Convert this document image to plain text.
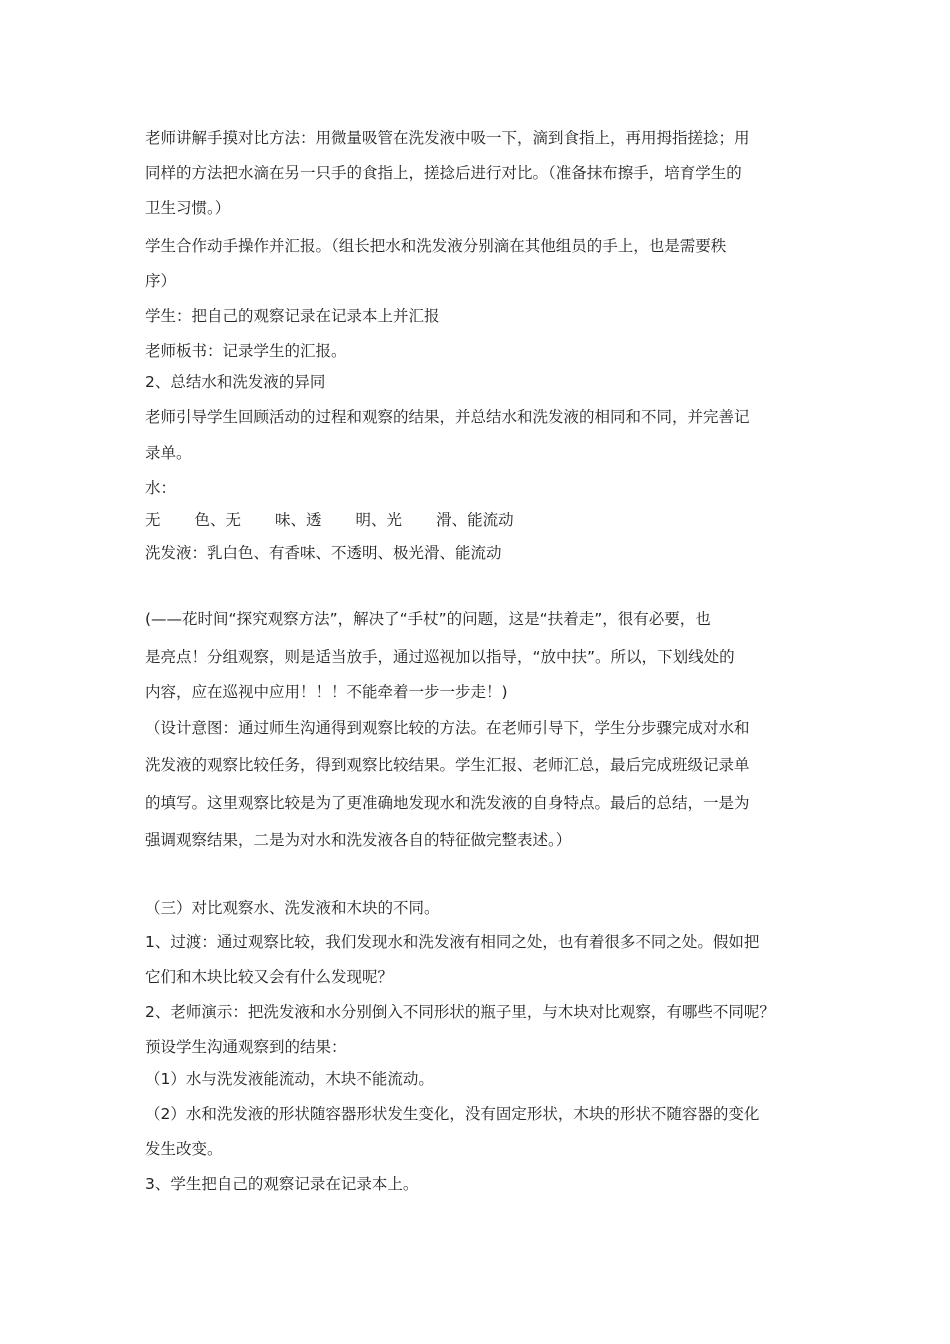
老师讲解手摸对比方法：用微量吸管在洗发液中吸一下，滴到食指上，再用拇指搓捻；用
同样的方法把水滴在另一只手的食指上，搓捻后进行对比。（准备抹布擦手，培育学生的
卫生习惯。）
学生合作动手操作并汇报。（组长把水和洗发液分别滴在其他组员的手上，也是需要秩
序）
学生：把自己的观察记录在记录本上并汇报
老师板书：记录学生的汇报。
2、总结水和洗发液的异同
老师引导学生回顾活动的过程和观察的结果，并总结水和洗发液的相同和不同，并完善记
录单。
水：
无 色、无 味、透 明、光 滑、能流动
洗发液：乳白色、有香味、不透明、极光滑、能流动
(——花时间“探究观察方法”，解决了“手杖”的问题，这是“扶着走”，很有必要，也
是亮点！分组观察，则是适当放手，通过巡视加以指导，“放中扶”。所以，下划线处的
内容，应在巡视中应用！！！不能牵着一步一步走！)
（设计意图：通过师生沟通得到观察比较的方法。在老师引导下，学生分步骤完成对水和
洗发液的观察比较任务，得到观察比较结果。学生汇报、老师汇总，最后完成班级记录单
的填写。这里观察比较是为了更准确地发现水和洗发液的自身特点。最后的总结，一是为
强调观察结果，二是为对水和洗发液各自的特征做完整表述。）
（三）对比观察水、洗发液和木块的不同。
1、过渡：通过观察比较，我们发现水和洗发液有相同之处，也有着很多不同之处。假如把
它们和木块比较又会有什么发现呢？
2、老师演示：把洗发液和水分别倒入不同形状的瓶子里，与木块对比观察，有哪些不同呢？
预设学生沟通观察到的结果：
（1）水与洗发液能流动，木块不能流动。
（2）水和洗发液的形状随容器形状发生变化，没有固定形状，木块的形状不随容器的变化
发生改变。
3、学生把自己的观察记录在记录本上。
